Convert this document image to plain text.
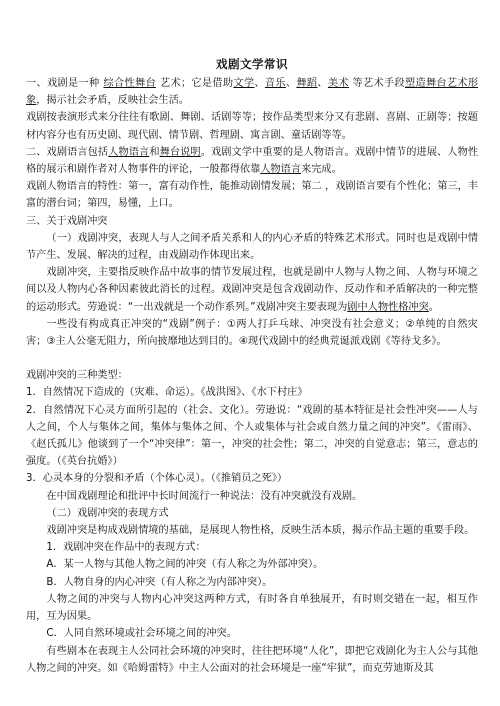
戏剧文学常识

一、戏剧是一种 综合性舞台 艺术；它是借助文学、音乐、舞蹈、美术 等艺术手段塑造舞台艺术形象，揭示社会矛盾，反映社会生活。

戏剧按表演形式来分往往有歌剧、舞剧、话剧等等；按作品类型来分又有悲剧、喜剧、正剧等；按题材内容分也有历史剧、现代剧、情节剧、哲理剧、寓言剧、童话剧等等。

二、戏剧语言包括人物语言和舞台说明。戏剧文学中重要的是人物语言。戏剧中情节的进展、人物性格的展示和剧作者对人物事件的评论，一般都得依靠人物语言来完成。

戏剧人物语言的特性：第一，富有动作性，能推动剧情发展；第二 ，戏剧语言要有个性化；第三，丰富的潜台词；第四，易懂，上口。

三、关于戏剧冲突

（一）戏剧冲突，表现人与人之间矛盾关系和人的内心矛盾的特殊艺术形式。同时也是戏剧中情节产生、发展、解决的过程，由戏剧动作体现出来。

戏剧冲突，主要指反映作品中故事的情节发展过程，也就是剧中人物与人物之间、人物与环境之间以及人物内心各种因素彼此消长的过程。戏剧冲突是包含戏剧动作、反动作和矛盾解决的一种完整的运动形式。劳逊说：“一出戏就是一个动作系列。”戏剧冲突主要表现为剧中人物性格冲突。

一些没有构成真正冲突的“戏剧”例子：①两人打乒乓球、冲突没有社会意义；②单纯的自然灾害；③主人公毫无阻力，所向披靡地达到目的。④现代戏剧中的经典荒诞派戏剧《等待戈多》。

戏剧冲突的三种类型：

1．自然情况下造成的（灾难、命运）。《战洪图》、《水下村庄》

2．自然情况下心灵方面所引起的（社会、文化）。劳逊说：“戏剧的基本特征是社会性冲突——人与人之间，个人与集体之间，集体与集体之间、个人或集体与社会或自然力量之间的冲突”。《雷雨》、《赵氏孤儿》他谈到了一个“冲突律”：第一，冲突的社会性；第二，冲突的自觉意志；第三，意志的强度。（《英台抗婚》）

3．心灵本身的分裂和矛盾（个体心灵）。（《推销员之死》）

在中国戏剧理论和批评中长时间流行一种说法：没有冲突就没有戏剧。

（二）戏剧冲突的表现方式

戏剧冲突是构成戏剧情境的基础，是展现人物性格，反映生活本质，揭示作品主题的重要手段。

1．戏剧冲突在作品中的表现方式：

A．某一人物与其他人物之间的冲突（有人称之为外部冲突）。

B．人物自身的内心冲突（有人称之为内部冲突）。

人物之间的冲突与人物内心冲突这两种方式，有时各自单独展开，有时则交错在一起，相互作用，互为因果。

C．人同自然环境或社会环境之间的冲突。

有些剧本在表现主人公同社会环境的冲突时，往往把环境“人化”，即把它戏剧化为主人公与其他人物之间的冲突。如《哈姆雷特》中主人公面对的社会环境是一座“牢狱”，而克劳迪斯及其
